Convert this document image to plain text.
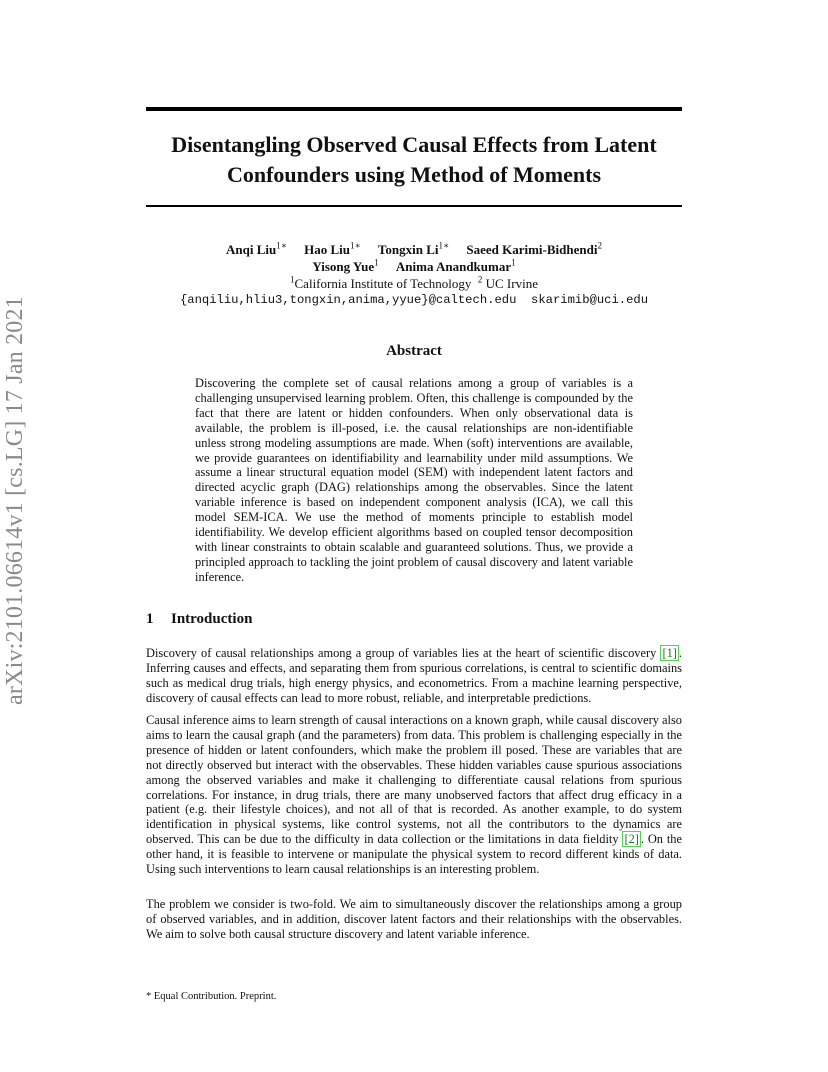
arXiv:2101.06614v1 [cs.LG] 17 Jan 2021
Disentangling Observed Causal Effects from Latent Confounders using Method of Moments
Anqi Liu$^{1∗}$ Hao Liu$^{1∗}$ Tongxin $Li^{1∗}$ Saeed Karimi-Bidhendi$^2$
Yisong Yue$^1$ Anima Anandkumar$^1$
$^1$California Institute of Technology $^2$ UC Irvine
{anqiliu,hliu3,tongxin,anima,yyue}@caltech.edu  skarimib@uci.edu
Abstract

Discovering the complete set of causal relations among a group of variables is a challenging unsupervised learning problem. Often, this challenge is compounded by the fact that there are latent or hidden confounders. When only observational data is available, the problem is ill-posed, i.e. the causal relationships are non-identifiable unless strong modeling assumptions are made. When (soft) interventions are available, we provide guarantees on identifiability and learnability under mild assumptions. We assume a linear structural equation model (SEM) with independent latent factors and directed acyclic graph (DAG) relationships among the observables. Since the latent variable inference is based on independent component analysis (ICA), we call this model SEM-ICA. We use the method of moments principle to establish model identifiability. We develop efficient algorithms based on coupled tensor decomposition with linear constraints to obtain scalable and guaranteed solutions. Thus, we provide a principled approach to tackling the joint problem of causal discovery and latent variable inference.

1 Introduction

Discovery of causal relationships among a group of variables lies at the heart of scientific discovery [1] . Inferring causes and effects, and separating them from spurious correlations, is central to scientific domains such as medical drug trials, high energy physics, and econometrics. From a machine learning perspective, discovery of causal effects can lead to more robust, reliable, and interpretable predictions.

Causal inference aims to learn strength of causal interactions on a known graph, while causal discovery also aims to learn the causal graph (and the parameters) from data. This problem is challenging especially in the presence of hidden or latent confounders, which make the problem ill posed. These are variables that are not directly observed but interact with the observables. These hidden variables cause spurious associations among the observed variables and make it challenging to differentiate causal relations from spurious correlations. For instance, in drug trials, there are many unobserved factors that affect drug efficacy in a patient (e.g. their lifestyle choices), and not all of that is recorded. As another example, to do system identification in physical systems, like control systems, not all the contributors to the dynamics are observed. This can be due to the difficulty in data collection or the limitations in data fieldity [2] . On the other hand, it is feasible to intervene or manipulate the physical system to record different kinds of data. Using such interventions to learn causal relationships is an interesting problem.

The problem we consider is two-fold. We aim to simultaneously discover the relationships among a group of observed variables, and in addition, discover latent factors and their relationships with the observables. We aim to solve both causal structure discovery and latent variable inference.

* Equal Contribution. Preprint.
